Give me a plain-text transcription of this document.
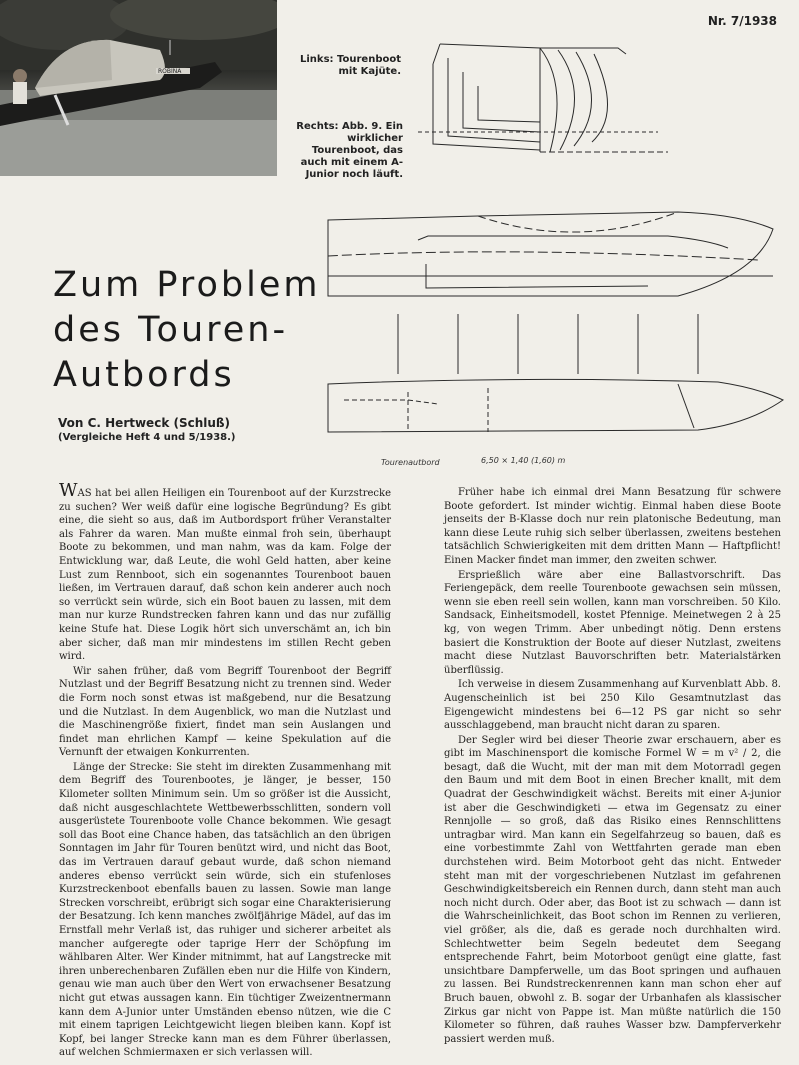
ROBINA
Nr. 7/1938
Links: Tourenboot mit Kajüte.
Rechts: Abb. 9. Ein wirklicher Tourenboot, das auch mit einem A-Junior noch läuft.
Tourenautbord	6,50 × 1,40 (1,60) m
Zum Problem
des Touren-
Autbords
Von C. Hertweck (Schluß)
(Vergleiche Heft 4 und 5/1938.)

WAS hat bei allen Heiligen ein Tourenboot auf der Kurzstrecke zu suchen? Wer weiß dafür eine logische Begründung? Es gibt eine, die sieht so aus, daß im Autbordsport früher Veranstalter als Fahrer da waren. Man mußte einmal froh sein, überhaupt Boote zu bekommen, und man nahm, was da kam. Folge der Entwicklung war, daß Leute, die wohl Geld hatten, aber keine Lust zum Rennboot, sich ein sogenanntes Tourenboot bauen ließen, im Vertrauen darauf, daß schon kein anderer auch noch so verrückt sein würde, sich ein Boot bauen zu lassen, mit dem man nur kurze Rundstrecken fahren kann und das nur zufällig keine Stufe hat. Diese Logik hört sich unverschämt an, ich bin aber sicher, daß man mir mindestens im stillen Recht geben wird.

Wir sahen früher, daß vom Begriff Tourenboot der Begriff Nutzlast und der Begriff Besatzung nicht zu trennen sind. Weder die Form noch sonst etwas ist maßgebend, nur die Besatzung und die Nutzlast. In dem Augenblick, wo man die Nutzlast und die Maschinengröße fixiert, findet man sein Auslangen und findet man ehrlichen Kampf — keine Spekulation auf die Vernunft der etwaigen Konkurrenten.

Länge der Strecke: Sie steht im direkten Zusammenhang mit dem Begriff des Tourenbootes, je länger, je besser, 150 Kilometer sollten Minimum sein. Um so größer ist die Aussicht, daß nicht ausgeschlachtete Wettbewerbsschlitten, sondern voll ausgerüstete Tourenboote volle Chance bekommen. Wie gesagt soll das Boot eine Chance haben, das tatsächlich an den übrigen Sonntagen im Jahr für Touren benützt wird, und nicht das Boot, das im Vertrauen darauf gebaut wurde, daß schon niemand anderes ebenso verrückt sein würde, sich ein stufenloses Kurzstreckenboot ebenfalls bauen zu lassen. Sowie man lange Strecken vorschreibt, erübrigt sich sogar eine Charakterisierung der Besatzung. Ich kenn manches zwölfjährige Mädel, auf das im Ernstfall mehr Verlaß ist, das ruhiger und sicherer arbeitet als mancher aufgeregte oder taprige Herr der Schöpfung im wählbaren Alter. Wer Kinder mitnimmt, hat auf Langstrecke mit ihren unberechenbaren Zufällen eben nur die Hilfe von Kindern, genau wie man auch über den Wert von erwachsener Besatzung nicht gut etwas aussagen kann. Ein tüchtiger Zweizentnermann kann dem A-Junior unter Umständen ebenso nützen, wie die C mit einem taprigen Leichtgewicht liegen bleiben kann. Kopf ist Kopf, bei langer Strecke kann man es dem Führer überlassen, auf welchen Schmiermaxen er sich verlassen will.

Früher habe ich einmal drei Mann Besatzung für schwere Boote gefordert. Ist minder wichtig. Einmal haben diese Boote jenseits der B-Klasse doch nur rein platonische Bedeutung, man kann diese Leute ruhig sich selber überlassen, zweitens bestehen tatsächlich Schwierigkeiten mit dem dritten Mann — Haftpflicht! Einen Macker findet man immer, den zweiten schwer.

Ersprießlich wäre aber eine Ballastvorschrift. Das Feriengepäck, dem reelle Tourenboote gewachsen sein müssen, wenn sie eben reell sein wollen, kann man vorschreiben. 50 Kilo. Sandsack, Einheitsmodell, kostet Pfennige. Meinetwegen 2 à 25 kg, von wegen Trimm. Aber unbedingt nötig. Denn erstens basiert die Konstruktion der Boote auf dieser Nutzlast, zweitens macht diese Nutzlast Bauvorschriften betr. Materialstärken überflüssig.

Ich verweise in diesem Zusammenhang auf Kurvenblatt Abb. 8. Augenscheinlich ist bei 250 Kilo Gesamtnutzlast das Eigengewicht mindestens bei 6—12 PS gar nicht so sehr ausschlaggebend, man braucht nicht daran zu sparen.

Der Segler wird bei dieser Theorie zwar erschauern, aber es gibt im Maschinensport die komische Formel W = m v² / 2, die besagt, daß die Wucht, mit der man mit dem Motorradl gegen den Baum und mit dem Boot in einen Brecher knallt, mit dem Quadrat der Geschwindigkeit wächst. Bereits mit einer A-junior ist aber die Geschwindigketi — etwa im Gegensatz zu einer Rennjolle — so groß, daß das Risiko eines Rennschlittens untragbar wird. Man kann ein Segelfahrzeug so bauen, daß es eine vorbestimmte Zahl von Wettfahrten gerade man eben durchstehen wird. Beim Motorboot geht das nicht. Entweder steht man mit der vorgeschriebenen Nutzlast im gefahrenen Geschwindigkeitsbereich ein Rennen durch, dann steht man auch noch nicht durch. Oder aber, das Boot ist zu schwach — dann ist die Wahrscheinlichkeit, das Boot schon im Rennen zu verlieren, viel größer, als die, daß es gerade noch durchhalten wird. Schlechtwetter beim Segeln bedeutet dem Seegang entsprechende Fahrt, beim Motorboot genügt eine glatte, fast unsichtbare Dampferwelle, um das Boot springen und aufhauen zu lassen. Bei Rundstreckenrennen kann man schon eher auf Bruch bauen, obwohl z. B. sogar der Urbanhafen als klassischer Zirkus gar nicht von Pappe ist. Man müßte natürlich die 150 Kilometer so führen, daß rauhes Wasser bzw. Dampferverkehr passiert werden muß.
